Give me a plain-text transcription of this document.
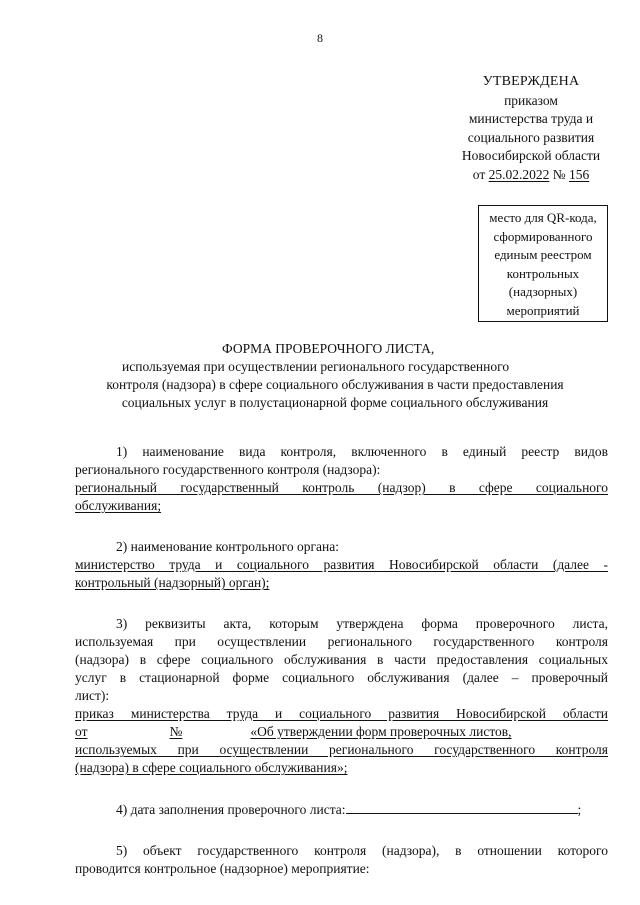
8
УТВЕРЖДЕНА
приказом
министерства труда и
социального развития
Новосибирской области
от 25.02.2022 № 156
место для QR-кода,
сформированного
единым реестром
контрольных
(надзорных)
мероприятий
ФОРМА ПРОВЕРОЧНОГО ЛИСТА,
используемая при осуществлении регионального государственного
контроля (надзора) в сфере социального обслуживания в части предоставления
социальных услуг в полустационарной форме социального обслуживания

1) наименование вида контроля, включенного в единый реестр видов

регионального государственного контроля (надзора):

региональный государственный контроль (надзор) в сфере социального

обслуживания;

2) наименование контрольного органа:

министерство труда и социального развития Новосибирской области (далее -

контрольный (надзорный) орган);

3) реквизиты акта, которым утверждена форма проверочного листа,

используемая при осуществлении регионального государственного контроля

(надзора) в сфере социального обслуживания в части предоставления социальных

услуг в стационарной форме социального обслуживания (далее – проверочный

лист):

приказ министерства труда и социального развития Новосибирской области

от	№	«Об утверждении форм проверочных листов,

используемых при осуществлении регионального государственного контроля

(надзора) в сфере социального обслуживания»;

4) дата заполнения проверочного листа:	;

5) объект государственного контроля (надзора), в отношении которого

проводится контрольное (надзорное) мероприятие:
